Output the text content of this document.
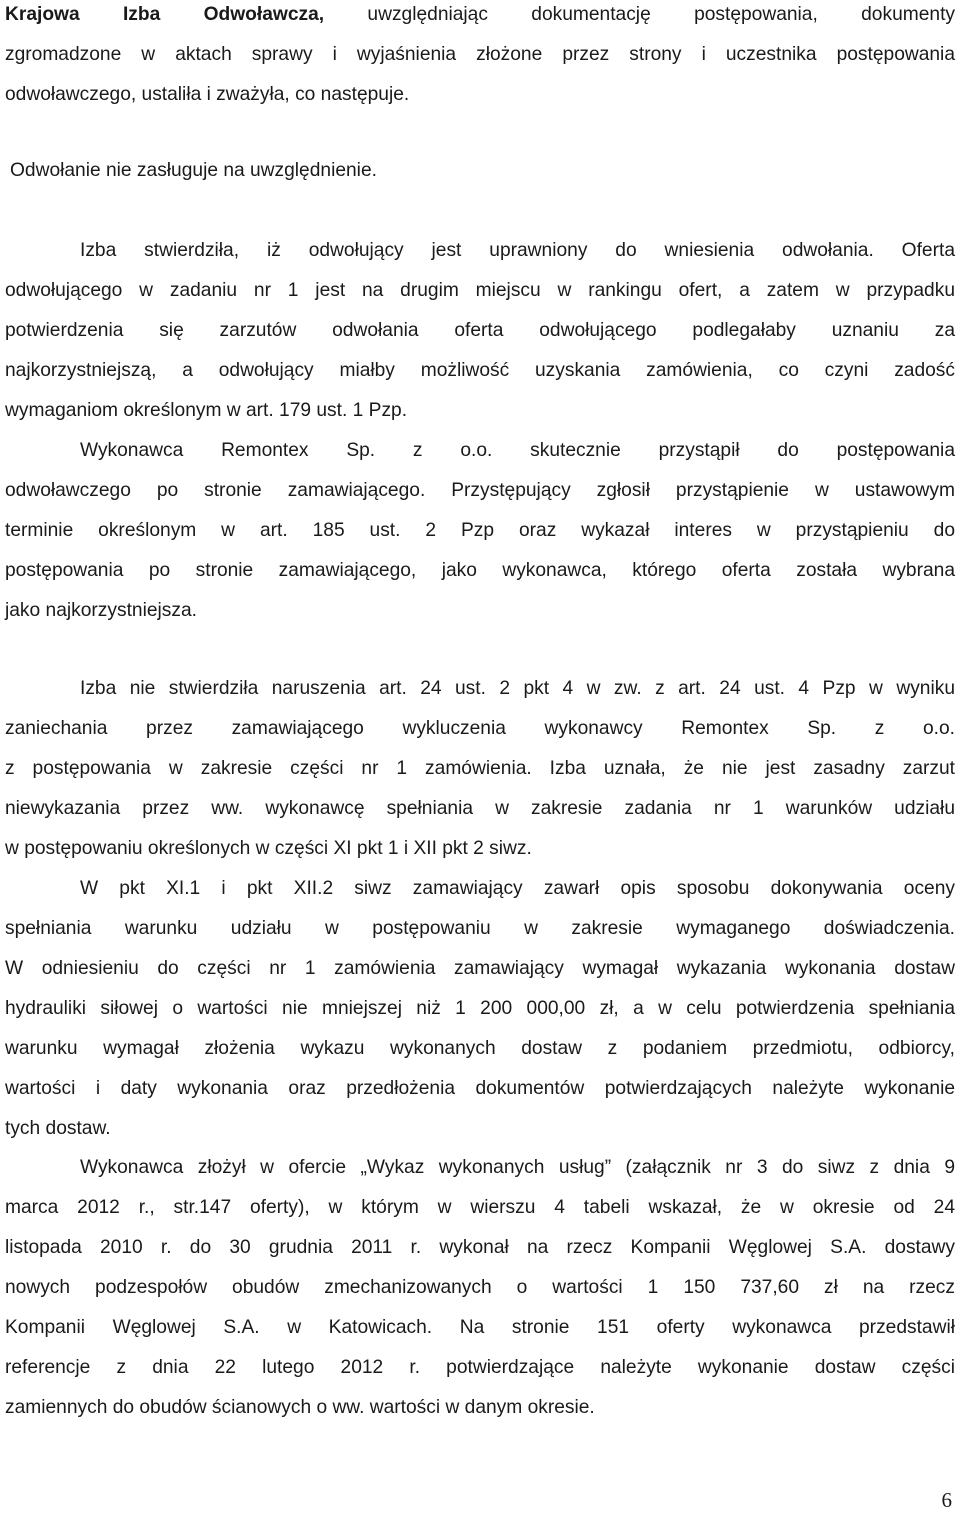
Krajowa Izba Odwoławcza, uwzględniając dokumentację postępowania, dokumenty
zgromadzone w aktach sprawy i wyjaśnienia złożone przez strony i uczestnika postępowania
odwoławczego, ustaliła i zważyła, co następuje.
Odwołanie nie zasługuje na uwzględnienie.
Izba stwierdziła, iż odwołujący jest uprawniony do wniesienia odwołania. Oferta
odwołującego w zadaniu nr 1 jest na drugim miejscu w rankingu ofert, a zatem w przypadku
potwierdzenia się zarzutów odwołania oferta odwołującego podlegałaby uznaniu za
najkorzystniejszą, a odwołujący miałby możliwość uzyskania zamówienia, co czyni zadość
wymaganiom określonym w art. 179 ust. 1 Pzp.
Wykonawca Remontex Sp. z o.o. skutecznie przystąpił do postępowania
odwoławczego po stronie zamawiającego. Przystępujący zgłosił przystąpienie w ustawowym
terminie określonym w art. 185 ust. 2 Pzp oraz wykazał interes w przystąpieniu do
postępowania po stronie zamawiającego, jako wykonawca, którego oferta została wybrana
jako najkorzystniejsza.
Izba nie stwierdziła naruszenia art. 24 ust. 2 pkt 4 w zw. z art. 24 ust. 4 Pzp w wyniku
zaniechania przez zamawiającego wykluczenia wykonawcy Remontex Sp. z o.o.
z postępowania w zakresie części nr 1 zamówienia. Izba uznała, że nie jest zasadny zarzut
niewykazania przez ww. wykonawcę spełniania w zakresie zadania nr 1 warunków udziału
w postępowaniu określonych w części XI pkt 1 i XII pkt 2 siwz.
W pkt XI.1 i pkt XII.2 siwz zamawiający zawarł opis sposobu dokonywania oceny
spełniania warunku udziału w postępowaniu w zakresie wymaganego doświadczenia.
W odniesieniu do części nr 1 zamówienia zamawiający wymagał wykazania wykonania dostaw
hydrauliki siłowej o wartości nie mniejszej niż 1 200 000,00 zł, a w celu potwierdzenia spełniania
warunku wymagał złożenia wykazu wykonanych dostaw z podaniem przedmiotu, odbiorcy,
wartości i daty wykonania oraz przedłożenia dokumentów potwierdzających należyte wykonanie
tych dostaw.
Wykonawca złożył w ofercie „Wykaz wykonanych usług” (załącznik nr 3 do siwz z dnia 9
marca 2012 r., str.147 oferty), w którym w wierszu 4 tabeli wskazał, że w okresie od 24
listopada 2010 r. do 30 grudnia 2011 r. wykonał na rzecz Kompanii Węglowej S.A. dostawy
nowych podzespołów obudów zmechanizowanych o wartości 1 150 737,60 zł na rzecz
Kompanii Węglowej S.A. w Katowicach. Na stronie 151 oferty wykonawca przedstawił
referencje z dnia 22 lutego 2012 r. potwierdzające należyte wykonanie dostaw części
zamiennych do obudów ścianowych o ww. wartości w danym okresie.
6
